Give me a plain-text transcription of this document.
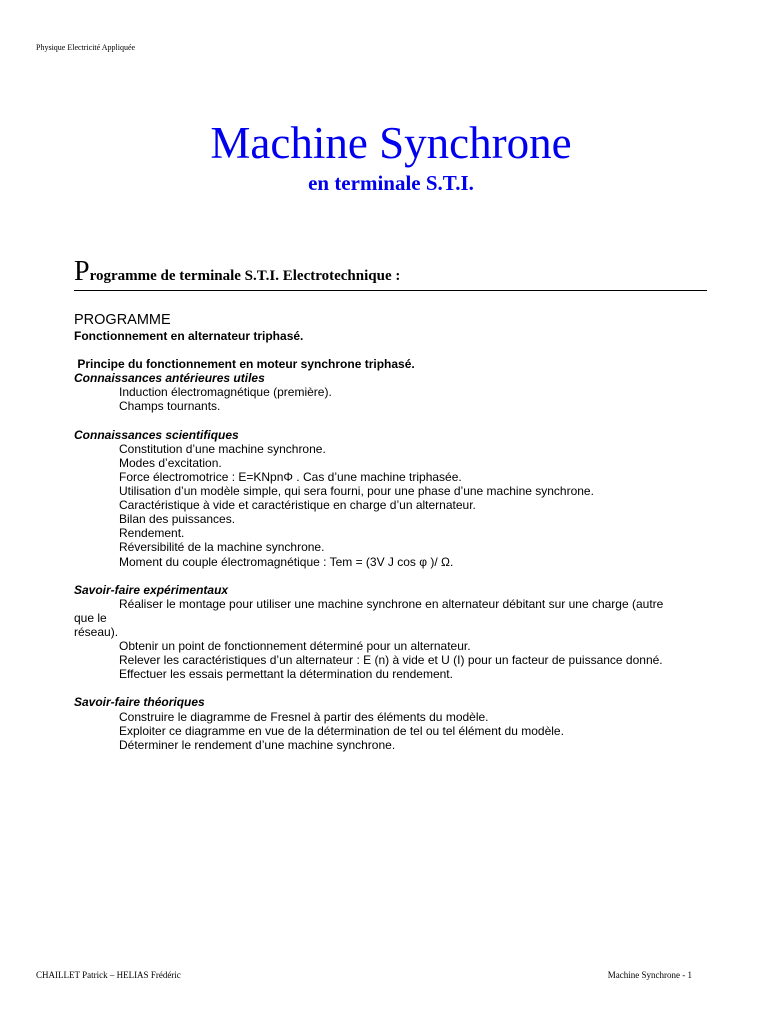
Physique Electricité Appliquée
Machine Synchrone
en terminale S.T.I.
Programme de terminale S.T.I. Electrotechnique :
PROGRAMME
Fonctionnement en alternateur triphasé.
Principe du fonctionnement en moteur synchrone triphasé.
Connaissances antérieures utiles
Induction électromagnétique (première).
Champs tournants.
Connaissances scientifiques
Constitution d’une machine synchrone.
Modes d’excitation.
Force électromotrice : E=KNpnΦ . Cas d’une machine triphasée.
Utilisation d’un modèle simple, qui sera fourni, pour une phase d’une machine synchrone.
Caractéristique à vide et caractéristique en charge d’un alternateur.
Bilan des puissances.
Rendement.
Réversibilité de la machine synchrone.
Moment du couple électromagnétique : Tem = (3V J cos φ )/ Ω.
Savoir-faire expérimentaux
Réaliser le montage pour utiliser une machine synchrone en alternateur débitant sur une charge (autre
que le
réseau).
Obtenir un point de fonctionnement déterminé pour un alternateur.
Relever les caractéristiques d’un alternateur : E (n) à vide et U (I) pour un facteur de puissance donné.
Effectuer les essais permettant la détermination du rendement.
Savoir-faire théoriques
Construire le diagramme de Fresnel à partir des éléments du modèle.
Exploiter ce diagramme en vue de la détermination de tel ou tel élément du modèle.
Déterminer le rendement d’une machine synchrone.
CHAILLET Patrick – HELIAS Frédéric	Machine Synchrone - 1
